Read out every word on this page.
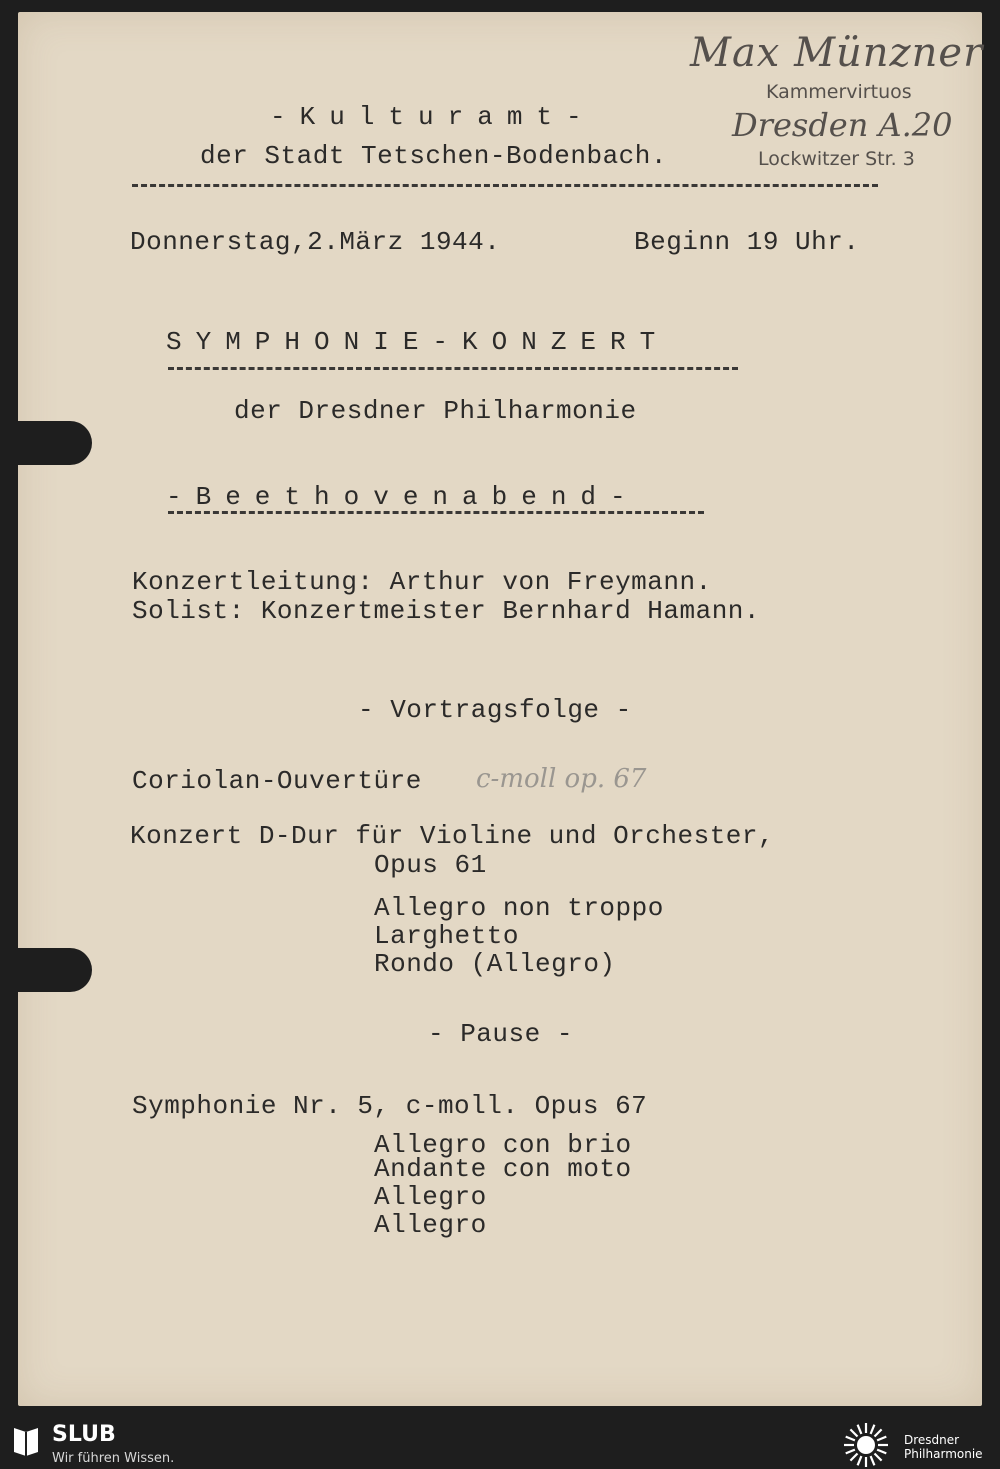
Max Münzner
Kammervirtuos
Dresden A.20
Lockwitzer Str. 3
-Kulturamt-
der Stadt Tetschen-Bodenbach.
Donnerstag,2.März 1944.	Beginn 19 Uhr.
SYMPHONIE-KONZERT
der Dresdner Philharmonie
-Beethovenabend-
Konzertleitung: Arthur von Freymann.
Solist: Konzertmeister Bernhard Hamann.
- Vortragsfolge -
Coriolan-Ouvertüre c-moll op. 67
Konzert D-Dur für Violine und Orchester,
Opus 61
Allegro non troppo
Larghetto
Rondo (Allegro)
- Pause -
Symphonie Nr. 5, c-moll. Opus 67
Allegro con brio
Andante con moto
Allegro
Allegro
SLUB
Wir führen Wissen.
Dresdner
Philharmonie
